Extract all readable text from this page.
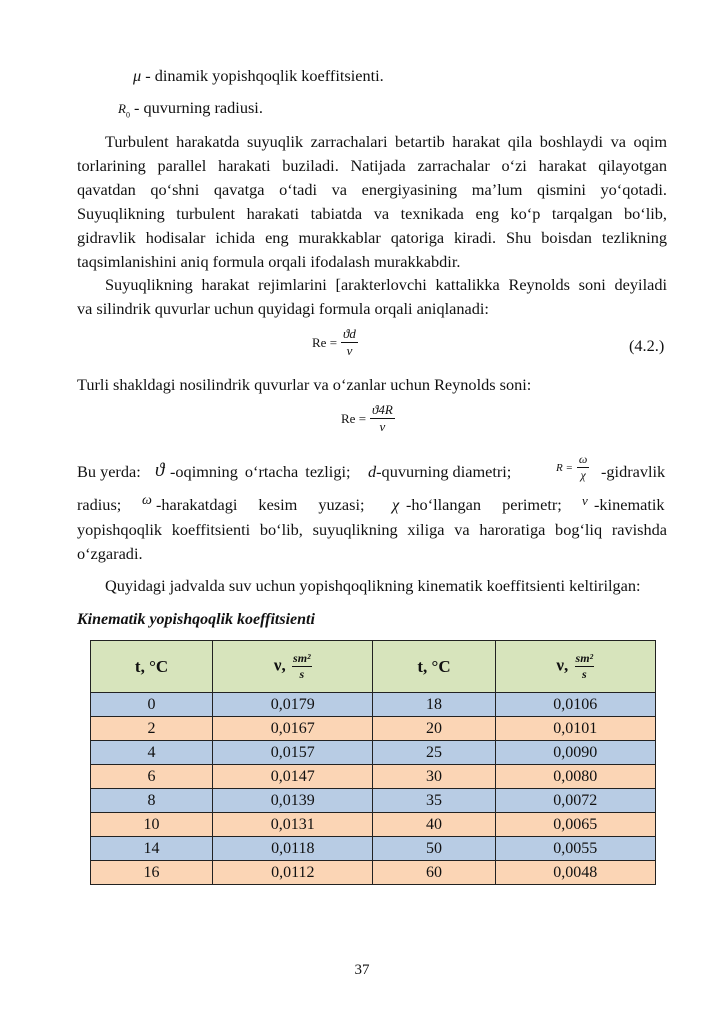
μ - dinamik yopishqoqlik koeffitsienti.
$R_0$ - quvurning radiusi.
Turbulent harakatda suyuqlik zarrachalari betartib harakat qila boshlaydi va oqim
torlarining parallel harakati buziladi. Natijada zarrachalar o‘zi harakat qilayotgan
qavatdan qo‘shni qavatga o‘tadi va energiyasining ma’lum qismini yo‘qotadi.
Suyuqlikning turbulent harakati tabiatda va texnikada eng ko‘p tarqalgan bo‘lib,
gidravlik hodisalar ichida eng murakkablar qatoriga kiradi. Shu boisdan tezlikning
taqsimlanishini aniq formula orqali ifodalash murakkabdir.
Suyuqlikning harakat rejimlarini [arakterlovchi kattalikka Reynolds soni deyiladi
va silindrik quvurlar uchun quyidagi formula orqali aniqlanadi:
$Re = \frac{ϑd}{\nu}$	(4.2.)
Turli shakldagi nosilindrik quvurlar va o‘zanlar uchun Reynolds soni:
$Re = \frac{ϑ4R}{\nu}$
Bu yerda: ϑ -oqimning o‘rtacha tezligi; d-quvurning diametri;	$R = \frac{\omega}{\chi}$ -gidravlik
radius; ω -harakatdagi kesim yuzasi; χ -ho‘llangan perimetr; ν -kinematik
yopishqoqlik koeffitsienti bo‘lib, suyuqlikning xiliga va haroratiga bog‘liq ravishda
o‘zgaradi.
Quyidagi jadvalda suv uchun yopishqoqlikning kinematik koeffitsienti keltirilgan:
Kinematik yopishqoqlik koeffitsienti
t, °C	ν, $\frac{\text{sm²}}{s}$	t, °C	ν, $\frac{\text{sm²}}{s}$

0	0,0179	18	0,0106
2	0,0167	20	0,0101
4	0,0157	25	0,0090
6	0,0147	30	0,0080
8	0,0139	35	0,0072
10	0,0131	40	0,0065
14	0,0118	50	0,0055
16	0,0112	60	0,0048
37
